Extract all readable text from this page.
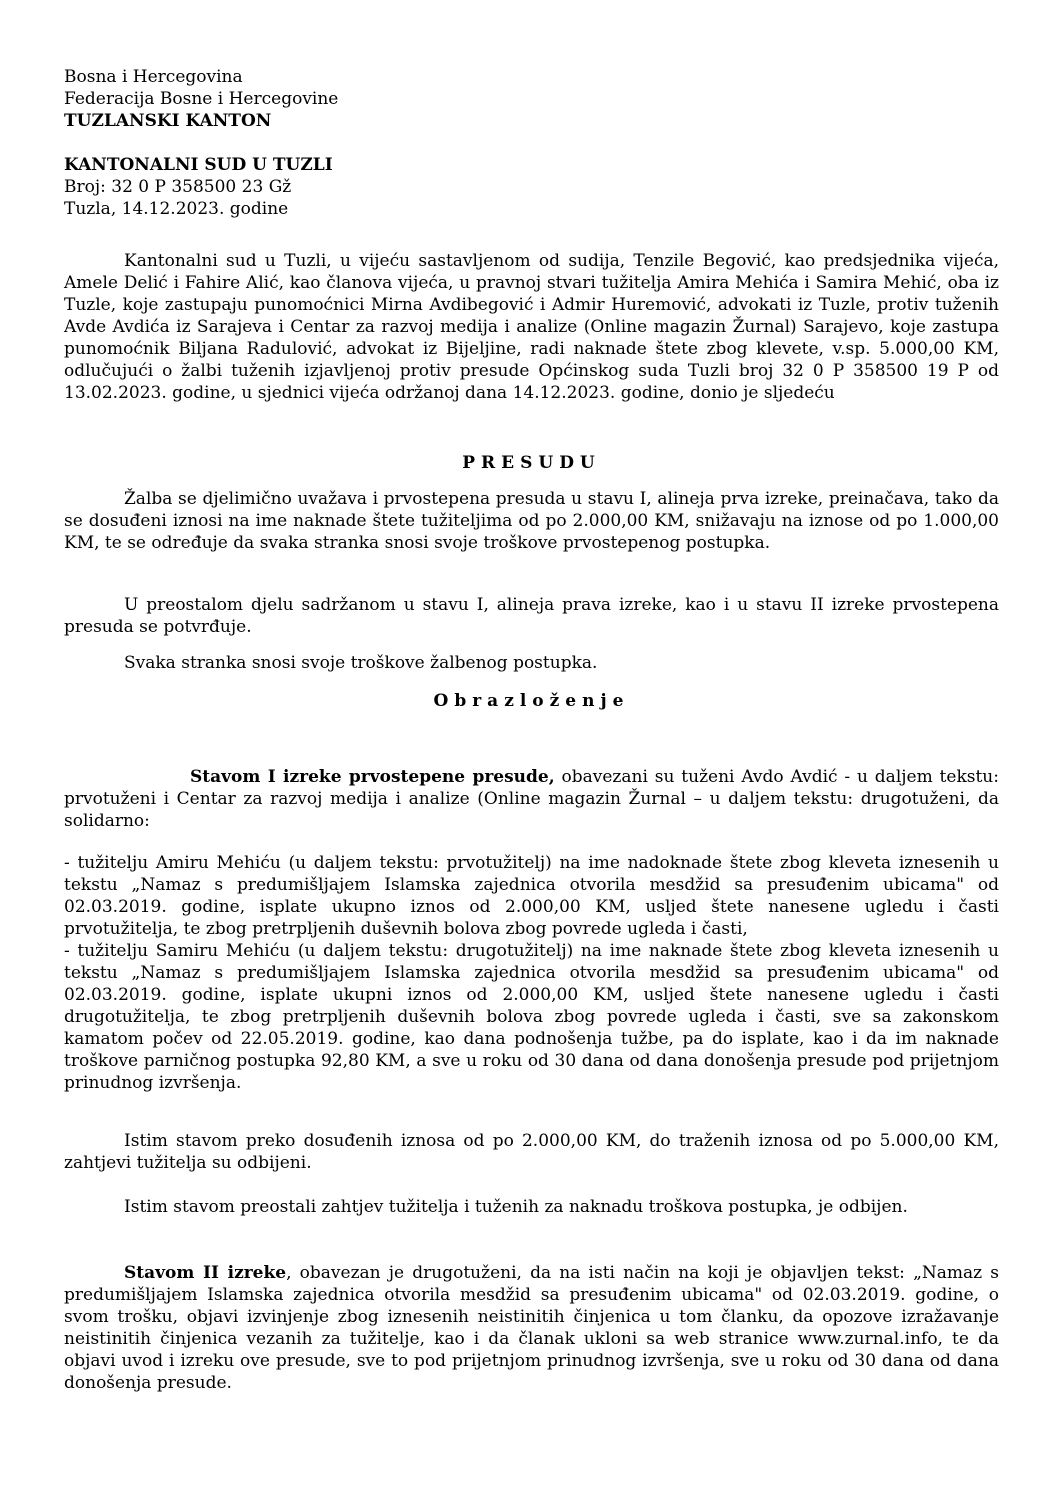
Bosna i Hercegovina
Federacija Bosne i Hercegovine
TUZLANSKI KANTON
KANTONALNI SUD U TUZLI
Broj: 32 0 P 358500 23 Gž
Tuzla, 14.12.2023. godine
Kantonalni sud u Tuzli, u vijeću sastavljenom od sudija, Tenzile Begović, kao predsjednika vijeća, Amele Delić i Fahire Alić, kao članova vijeća, u pravnoj stvari tužitelja Amira Mehića i Samira Mehić, oba iz Tuzle, koje zastupaju punomoćnici Mirna Avdibegović i Admir Huremović, advokati iz Tuzle, protiv tuženih Avde Avdića iz Sarajeva i Centar za razvoj medija i analize (Online magazin Žurnal) Sarajevo, koje zastupa punomoćnik Biljana Radulović, advokat iz Bijeljine, radi naknade štete zbog klevete, v.sp. 5.000,00 KM, odlučujući o žalbi tuženih izjavljenoj protiv presude Općinskog suda Tuzli broj 32 0 P 358500 19 P od 13.02.2023. godine, u sjednici vijeća održanoj dana 14.12.2023. godine, donio je sljedeću
PRESUDU
Žalba se djelimično uvažava i prvostepena presuda u stavu I, alineja prva izreke, preinačava, tako da se dosuđeni iznosi na ime naknade štete tužiteljima od po 2.000,00 KM, snižavaju na iznose od po 1.000,00 KM, te se određuje da svaka stranka snosi svoje troškove prvostepenog postupka.
U preostalom djelu sadržanom u stavu I, alineja prava izreke, kao i u stavu II izreke prvostepena presuda se potvrđuje.
Svaka stranka snosi svoje troškove žalbenog postupka.
Obrazloženje
Stavom I izreke prvostepene presude, obavezani su tuženi Avdo Avdić - u daljem tekstu: prvotuženi i Centar za razvoj medija i analize (Online magazin Žurnal – u daljem tekstu: drugotuženi, da solidarno:
- tužitelju Amiru Mehiću (u daljem tekstu: prvotužitelj) na ime nadoknade štete zbog kleveta iznesenih u tekstu „Namaz s predumišljajem Islamska zajednica otvorila mesdžid sa presuđenim ubicama" od 02.03.2019. godine, isplate ukupno iznos od 2.000,00 KM, usljed štete nanesene ugledu i časti prvotužitelja, te zbog pretrpljenih duševnih bolova zbog povrede ugleda i časti,
- tužitelju Samiru Mehiću (u daljem tekstu: drugotužitelj) na ime naknade štete zbog kleveta iznesenih u tekstu „Namaz s predumišljajem Islamska zajednica otvorila mesdžid sa presuđenim ubicama" od 02.03.2019. godine, isplate ukupni iznos od 2.000,00 KM, usljed štete nanesene ugledu i časti drugotužitelja, te zbog pretrpljenih duševnih bolova zbog povrede ugleda i časti, sve sa zakonskom kamatom počev od 22.05.2019. godine, kao dana podnošenja tužbe, pa do isplate, kao i da im naknade troškove parničnog postupka 92,80 KM, a sve u roku od 30 dana od dana donošenja presude pod prijetnjom prinudnog izvršenja.
Istim stavom preko dosuđenih iznosa od po 2.000,00 KM, do traženih iznosa od po 5.000,00 KM, zahtjevi tužitelja su odbijeni.
Istim stavom preostali zahtjev tužitelja i tuženih za naknadu troškova postupka, je odbijen.
Stavom II izreke, obavezan je drugotuženi, da na isti način na koji je objavljen tekst: „Namaz s predumišljajem Islamska zajednica otvorila mesdžid sa presuđenim ubicama" od 02.03.2019. godine, o svom trošku, objavi izvinjenje zbog iznesenih neistinitih činjenica u tom članku, da opozove izražavanje neistinitih činjenica vezanih za tužitelje, kao i da članak ukloni sa web stranice www.zurnal.info, te da objavi uvod i izreku ove presude, sve to pod prijetnjom prinudnog izvršenja, sve u roku od 30 dana od dana donošenja presude.
